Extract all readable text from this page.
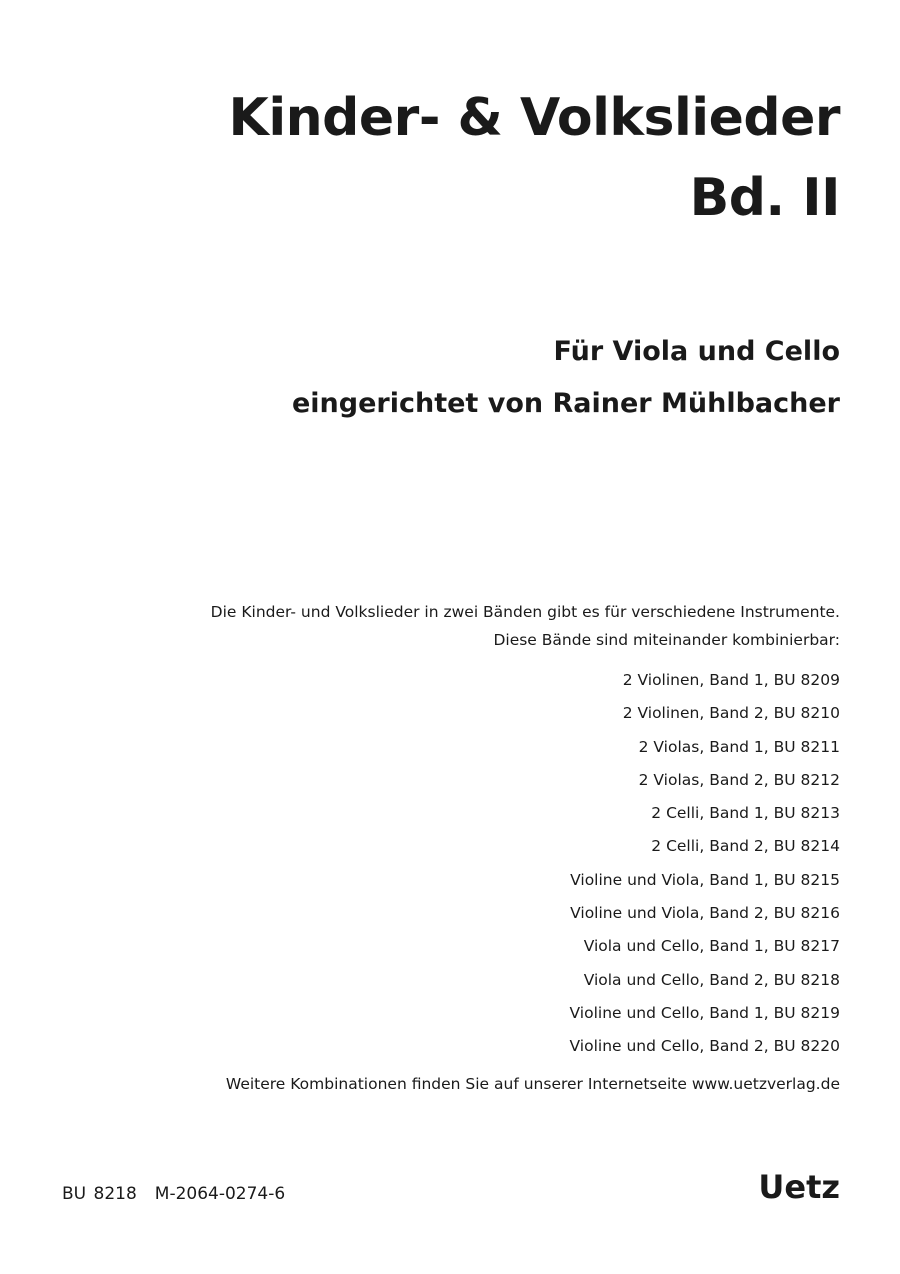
Kinder- & Volkslieder
Bd. II
Für Viola und Cello
eingerichtet von Rainer Mühlbacher
Die Kinder- und Volkslieder in zwei Bänden gibt es für verschiedene Instrumente.
Diese Bände sind miteinander kombinierbar:
2 Violinen, Band 1, BU 8209
2 Violinen, Band 2, BU 8210
2 Violas, Band 1, BU 8211
2 Violas, Band 2, BU 8212
2 Celli, Band 1, BU 8213
2 Celli, Band 2, BU 8214
Violine und Viola, Band 1, BU 8215
Violine und Viola, Band 2, BU 8216
Viola und Cello, Band 1, BU 8217
Viola und Cello, Band 2, BU 8218
Violine und Cello, Band 1, BU 8219
Violine und Cello, Band 2, BU 8220
Weitere Kombinationen finden Sie auf unserer Internetseite www.uetzverlag.de
BU 8218 M-2064-0274-6	Uetz
